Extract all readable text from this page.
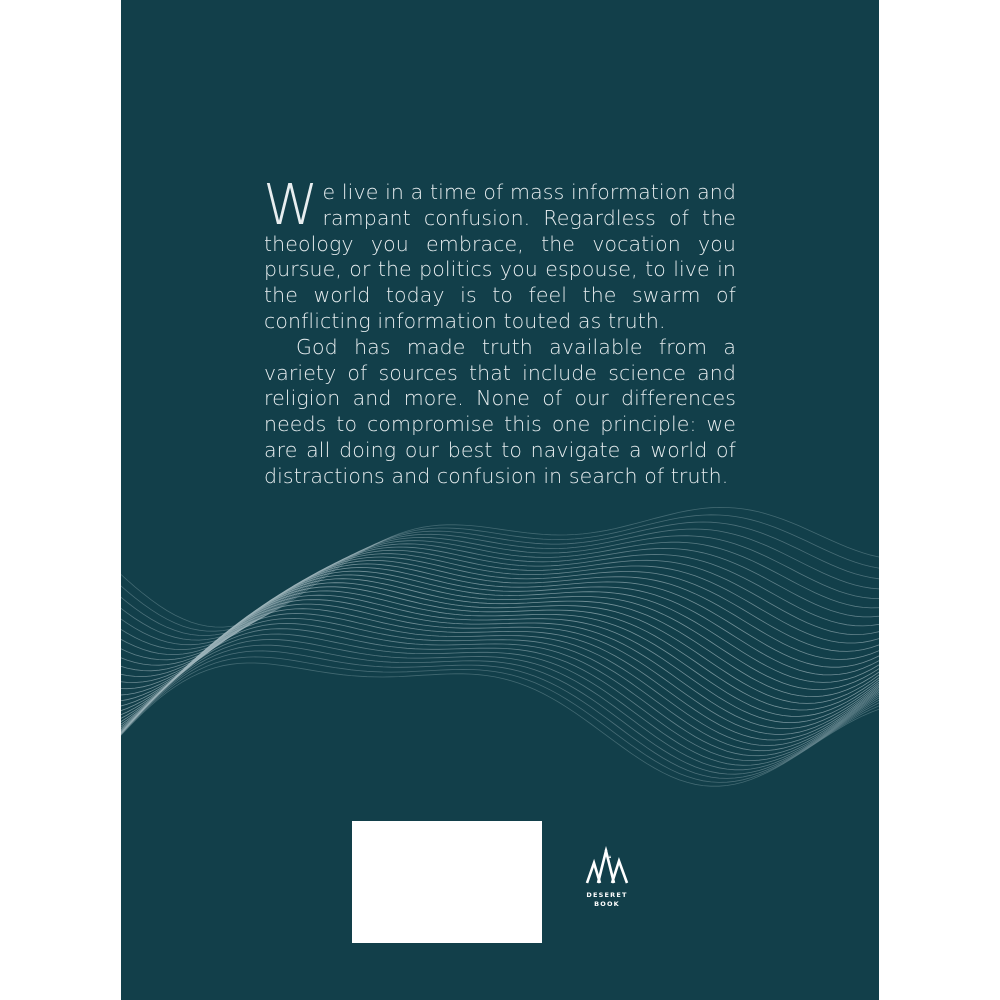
We live in a time of mass information and rampant confusion. Regardless of the theology you embrace, the vocation you pursue, or the politics you espouse, to live in the world today is to feel the swarm of conflicting information touted as truth.

God has made truth available from a variety of sources that include science and religion and more. None of our differences needs to compromise this one principle: we are all doing our best to navigate a world of distractions and confusion in search of truth.

DESERET
BOOK
